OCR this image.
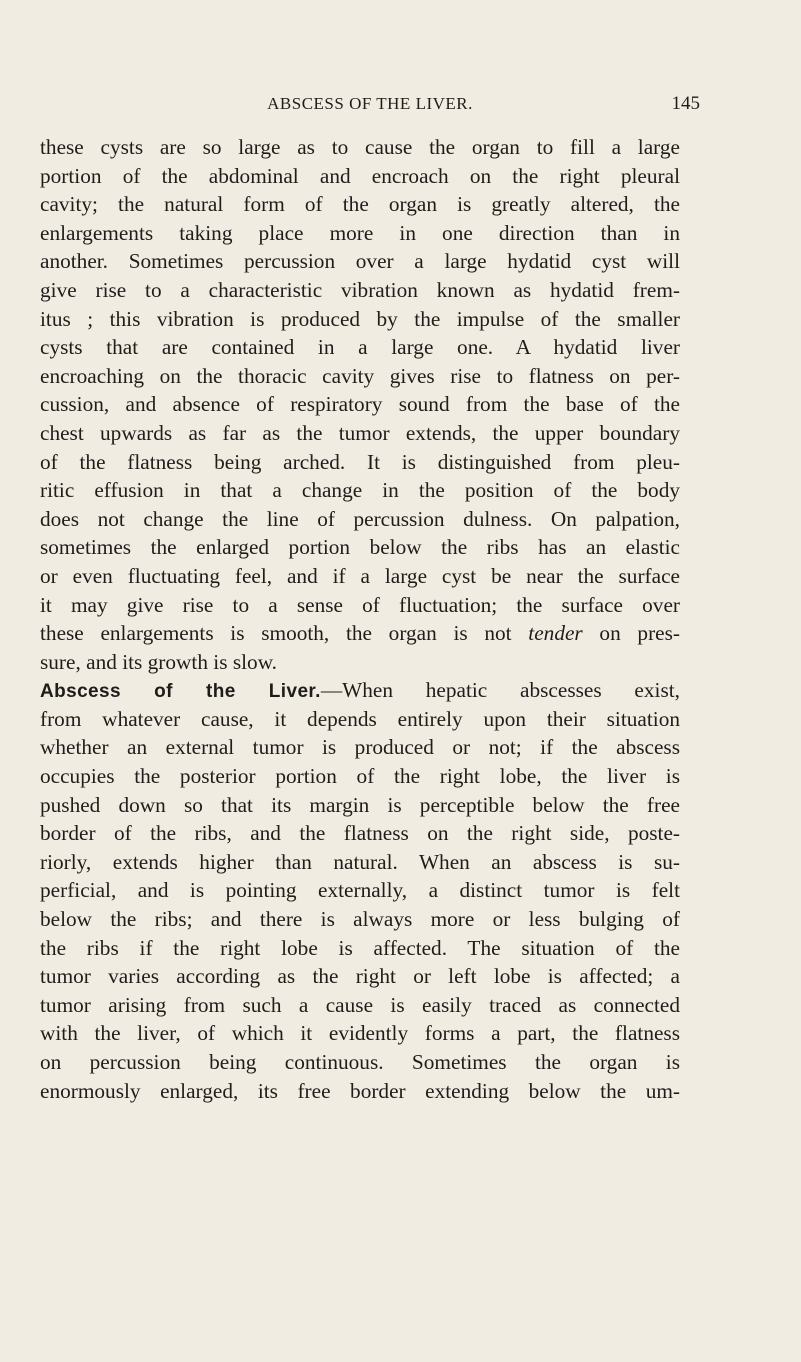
ABSCESS OF THE LIVER.	145
these cysts are so large as to cause the organ to fill a large
portion of the abdominal and encroach on the right pleural
cavity; the natural form of the organ is greatly altered, the
enlargements taking place more in one direction than in
another. Sometimes percussion over a large hydatid cyst will
give rise to a characteristic vibration known as hydatid frem-
itus ; this vibration is produced by the impulse of the smaller
cysts that are contained in a large one. A hydatid liver
encroaching on the thoracic cavity gives rise to flatness on per-
cussion, and absence of respiratory sound from the base of the
chest upwards as far as the tumor extends, the upper boundary
of the flatness being arched. It is distinguished from pleu-
ritic effusion in that a change in the position of the body
does not change the line of percussion dulness. On palpation,
sometimes the enlarged portion below the ribs has an elastic
or even fluctuating feel, and if a large cyst be near the surface
it may give rise to a sense of fluctuation; the surface over
these enlargements is smooth, the organ is not tender on pres-
sure, and its growth is slow.
Abscess of the Liver.—When hepatic abscesses exist,
from whatever cause, it depends entirely upon their situation
whether an external tumor is produced or not; if the abscess
occupies the posterior portion of the right lobe, the liver is
pushed down so that its margin is perceptible below the free
border of the ribs, and the flatness on the right side, poste-
riorly, extends higher than natural. When an abscess is su-
perficial, and is pointing externally, a distinct tumor is felt
below the ribs; and there is always more or less bulging of
the ribs if the right lobe is affected. The situation of the
tumor varies according as the right or left lobe is affected; a
tumor arising from such a cause is easily traced as connected
with the liver, of which it evidently forms a part, the flatness
on percussion being continuous. Sometimes the organ is
enormously enlarged, its free border extending below the um-
